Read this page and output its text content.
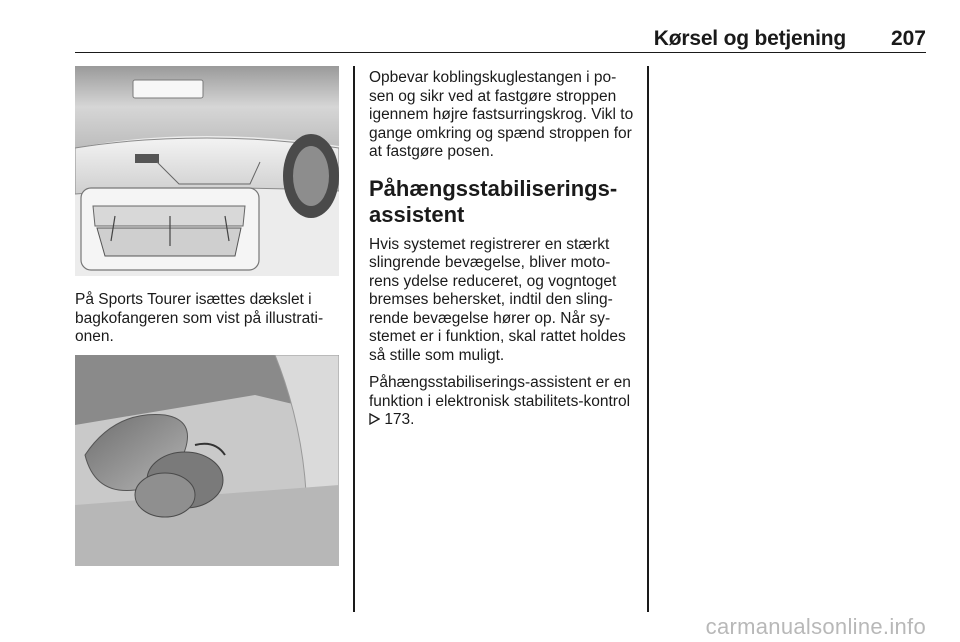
Kørsel og betjening 207

På Sports Tourer isættes dækslet i bagkofangeren som vist på illustrati-onen.

Opbevar koblingskuglestangen i po-sen og sikr ved at fastgøre stroppen igennem højre fastsurringskrog. Vikl to gange omkring og spænd stroppen for at fastgøre posen.

Påhængsstabiliserings-assistent

Hvis systemet registrerer en stærkt slingrende bevægelse, bliver moto-rens ydelse reduceret, og vogntoget bremses behersket, indtil den sling-rende bevægelse hører op. Når sy-stemet er i funktion, skal rattet holdes så stille som muligt.

Påhængsstabiliserings-assistent er en funktion i elektronisk stabilitets-kontrol  173.

carmanualsonline.info
